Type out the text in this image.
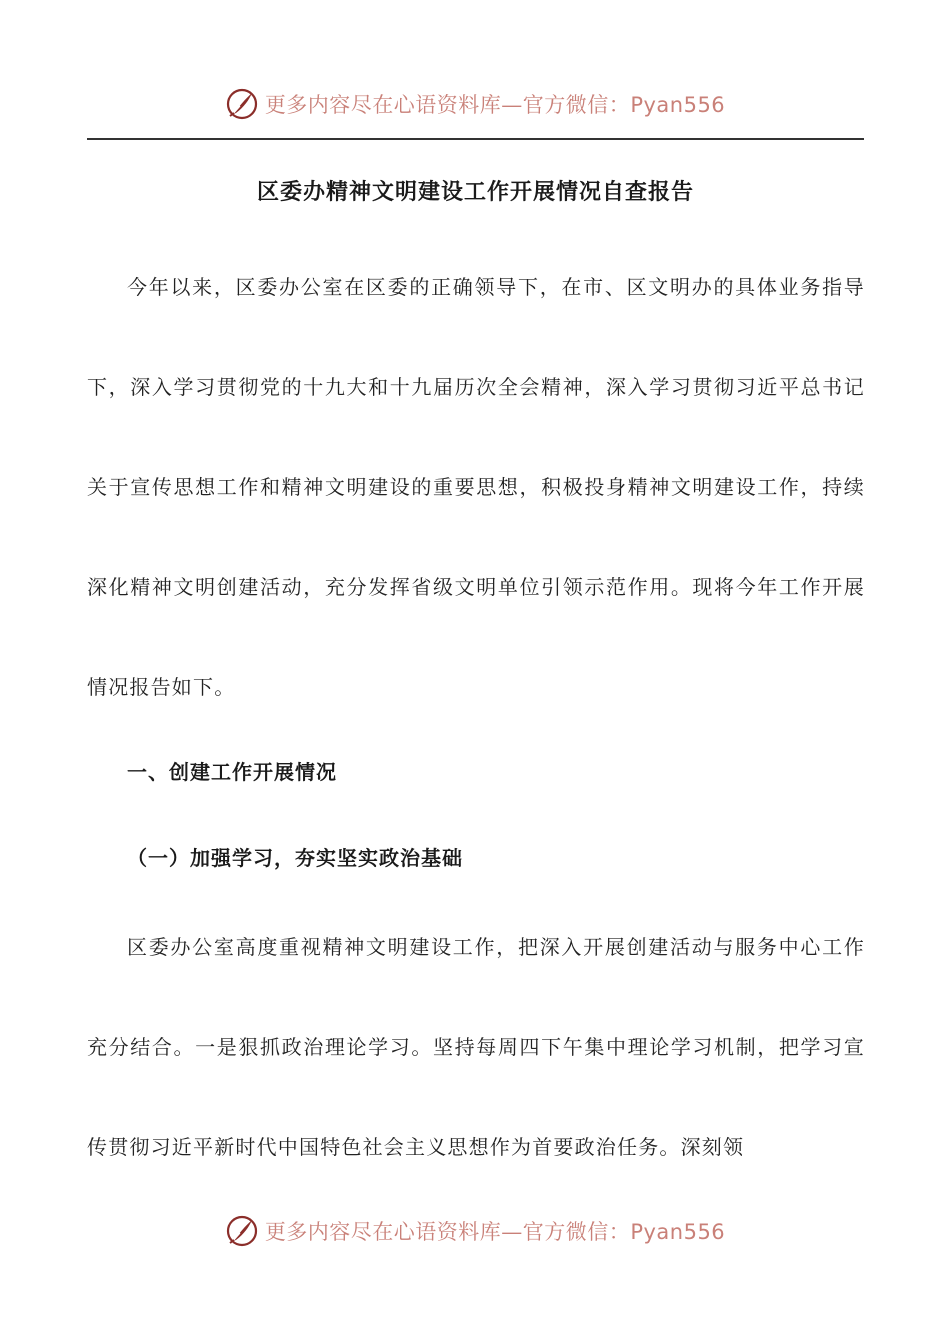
更多内容尽在心语资料库—官方微信：Pyan556
区委办精神文明建设工作开展情况自查报告

今年以来，区委办公室在区委的正确领导下，在市、区文明办的具体业务指导下，深入学习贯彻党的十九大和十九届历次全会精神，深入学习贯彻习近平总书记关于宣传思想工作和精神文明建设的重要思想，积极投身精神文明建设工作，持续深化精神文明创建活动，充分发挥省级文明单位引领示范作用。现将今年工作开展情况报告如下。

一、创建工作开展情况
（一）加强学习，夯实坚实政治基础

区委办公室高度重视精神文明建设工作，把深入开展创建活动与服务中心工作充分结合。一是狠抓政治理论学习。坚持每周四下午集中理论学习机制，把学习宣传贯彻习近平新时代中国特色社会主义思想作为首要政治任务。深刻领

更多内容尽在心语资料库—官方微信：Pyan556
